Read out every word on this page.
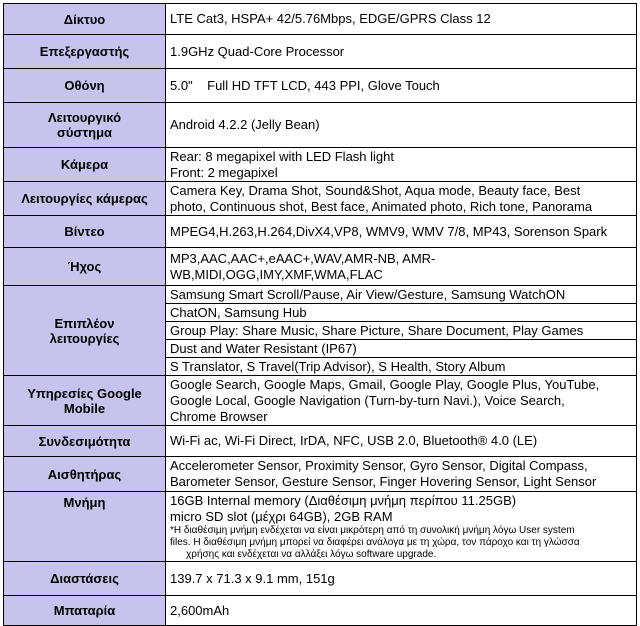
Δίκτυο	LTE Cat3, HSPA+ 42/5.76Mbps, EDGE/GPRS Class 12
Επεξεργαστής	1.9GHz Quad-Core Processor
Οθόνη	5.0"    Full HD TFT LCD, 443 PPI, Glove Touch

Λειτουργικό
σύστημα	Android 4.2.2 (Jelly Bean)
Κάμερα	Rear: 8 megapixel with LED Flash light
Front: 2 megapixel

Λειτουργίες κάμερας	Camera Key, Drama Shot, Sound&Shot, Aqua mode, Beauty face, Best
photo, Continuous shot, Best face, Animated photo, Rich tone, Panorama

Βίντεο	MPEG4,H.263,H.264,DivX4,VP8, WMV9, WMV 7/8, MP43, Sorenson Spark
Ήχος	MP3,AAC,AAC+,eAAC+,WAV,AMR-NB, AMR-
WB,MIDI,OGG,IMY,XMF,WMA,FLAC

Επιπλέον
λειτουργίες	Samsung Smart Scroll/Pause, Air View/Gesture, Samsung WatchON
	ChatON, Samsung Hub
	Group Play: Share Music, Share Picture, Share Document, Play Games
	Dust and Water Resistant (IP67)
	S Translator, S Travel(Trip Advisor), S Health, Story Album

Υπηρεσίες Google
Mobile	Google Search, Google Maps, Gmail, Google Play, Google Plus, YouTube,
Google Local, Google Navigation (Turn-by-turn Navi.), Voice Search,
Chrome Browser

Συνδεσιμότητα	Wi-Fi ac, Wi-Fi Direct, IrDA, NFC, USB 2.0, Bluetooth® 4.0 (LE)
Αισθητήρας	Accelerometer Sensor, Proximity Sensor, Gyro Sensor, Digital Compass,
Barometer Sensor, Gesture Sensor, Finger Hovering Sensor, Light Sensor

Μνήμη	16GB Internal memory (Διαθέσιμη μνήμη περίπου 11.25GB)
micro SD slot (μέχρι 64GB), 2GB RAM
*Η διαθέσιμη μνήμη ενδέχεται να είναι μικρότερη από τη συνολική μνήμη λόγω User system
files. Η διαθέσιμη μνήμη μπορεί να διαφέρει ανάλογα με τη χώρα, τον πάροχο και τη γλώσσα
χρήσης και ενδέχεται να αλλάξει λόγω software upgrade.

Διαστάσεις	139.7 x 71.3 x 9.1 mm, 151g
Μπαταρία	2,600mAh
